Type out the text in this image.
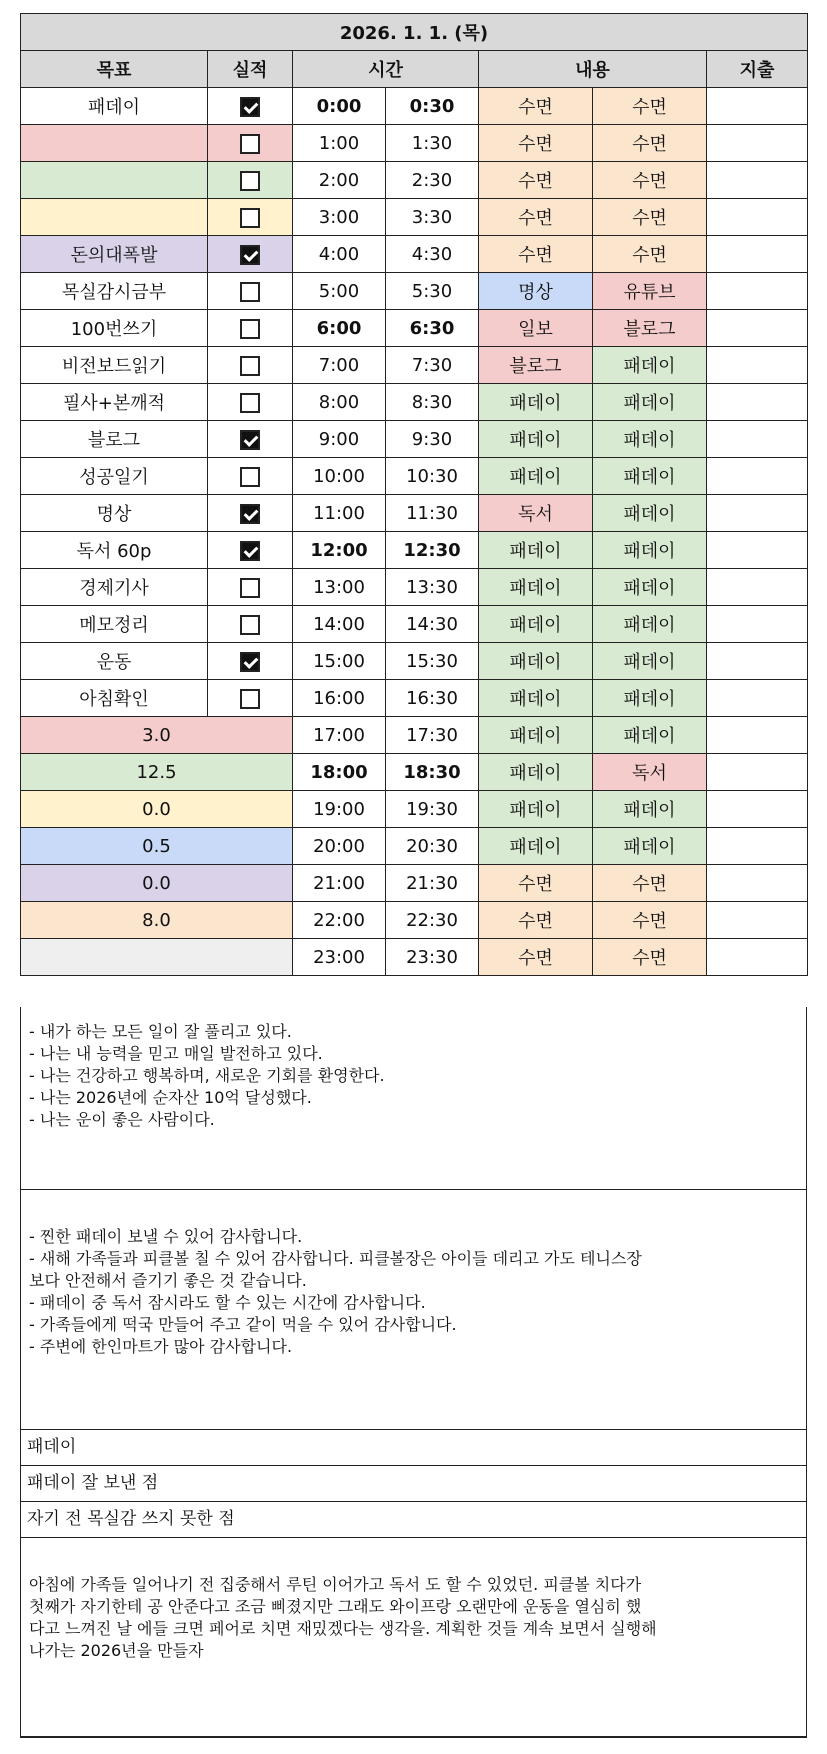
2026. 1. 1. (목)						
목표	실적	시간		내용		지출
패데이		0:00	0:30	수면	수면	
		1:00	1:30	수면	수면	
		2:00	2:30	수면	수면	
		3:00	3:30	수면	수면	
돈의대폭발		4:00	4:30	수면	수면	
목실감시금부		5:00	5:30	명상	유튜브	
100번쓰기		6:00	6:30	일보	블로그	
비전보드읽기		7:00	7:30	블로그	패데이	
필사+본깨적		8:00	8:30	패데이	패데이	
블로그		9:00	9:30	패데이	패데이	
성공일기		10:00	10:30	패데이	패데이	
명상		11:00	11:30	독서	패데이	
독서 60p		12:00	12:30	패데이	패데이	
경제기사		13:00	13:30	패데이	패데이	
메모정리		14:00	14:30	패데이	패데이	
운동		15:00	15:30	패데이	패데이	
아침확인		16:00	16:30	패데이	패데이	
3.0		17:00	17:30	패데이	패데이	
12.5		18:00	18:30	패데이	독서	
0.0		19:00	19:30	패데이	패데이	
0.5		20:00	20:30	패데이	패데이	
0.0		21:00	21:30	수면	수면	
8.0		22:00	22:30	수면	수면	
		23:00	23:30	수면	수면	

- 내가 하는 모든 일이 잘 풀리고 있다.
- 나는 내 능력을 믿고 매일 발전하고 있다.
- 나는 건강하고 행복하며, 새로운 기회를 환영한다.
- 나는 2026년에 순자산 10억 달성했다.
- 나는 운이 좋은 사람이다.

- 찐한 패데이 보낼 수 있어 감사합니다.
- 새해 가족들과 피클볼 칠 수 있어 감사합니다. 피클볼장은 아이들 데리고 가도 테니스장
보다 안전해서 즐기기 좋은 것 같습니다.
- 패데이 중 독서 잠시라도 할 수 있는 시간에 감사합니다.
- 가족들에게 떡국 만들어 주고 같이 먹을 수 있어 감사합니다.
- 주변에 한인마트가 많아 감사합니다.

패데이
패데이 잘 보낸 점
자기 전 목실감 쓰지 못한 점

아침에 가족들 일어나기 전 집중해서 루틴 이어가고 독서 도 할 수 있었던. 피클볼 치다가
첫째가 자기한테 공 안준다고 조금 삐졌지만 그래도 와이프랑 오랜만에 운동을 열심히 했
다고 느껴진 날 에들 크면 페어로 치면 재밌겠다는 생각을. 계획한 것들 계속 보면서 실행해
나가는 2026년을 만들자
